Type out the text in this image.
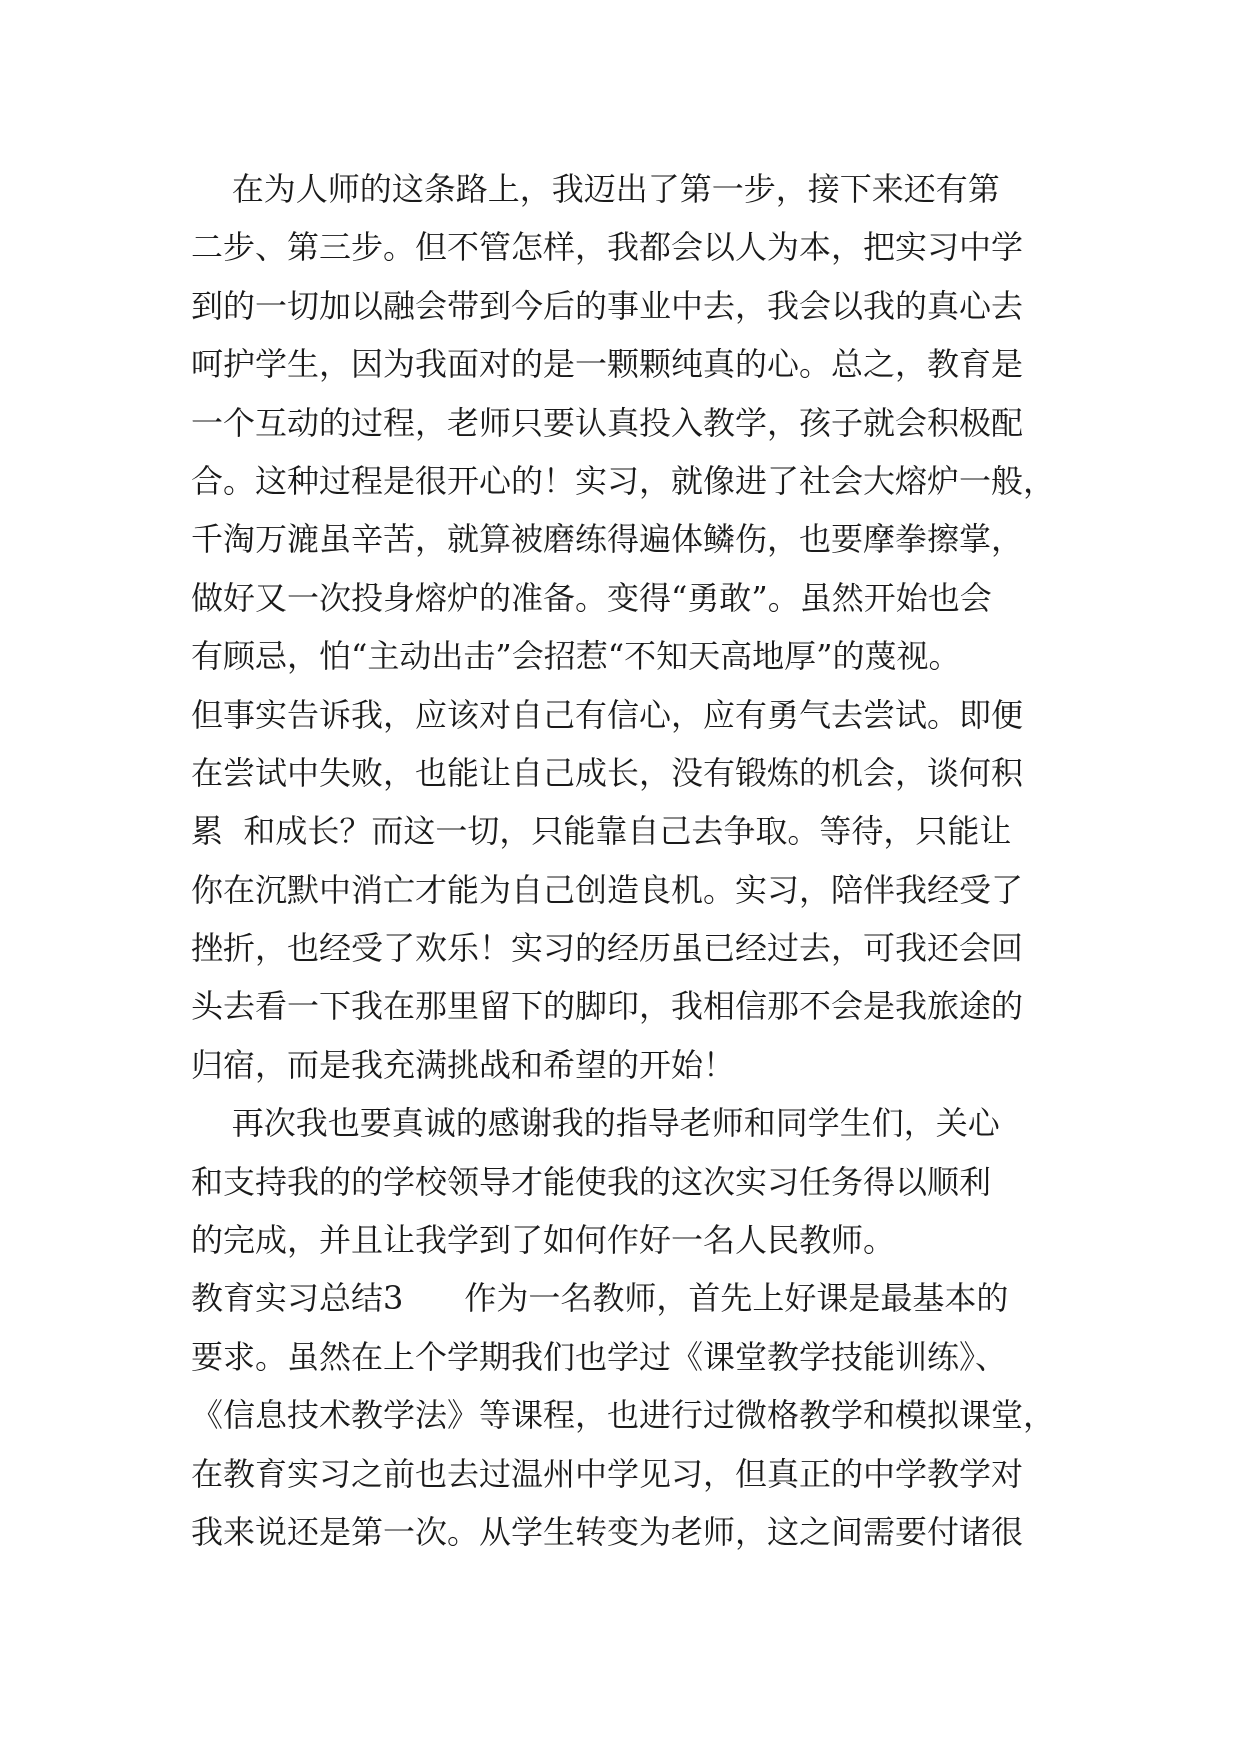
在为人师的这条路上，我迈出了第一步，接下来还有第
二步、第三步。但不管怎样，我都会以人为本，把实习中学
到的一切加以融会带到今后的事业中去，我会以我的真心去
呵护学生，因为我面对的是一颗颗纯真的心。总之，教育是
一个互动的过程，老师只要认真投入教学，孩子就会积极配
合。这种过程是很开心的！实习，就像进了社会大熔炉一般，
千淘万漉虽辛苦，就算被磨练得遍体鳞伤，也要摩拳擦掌，
做好又一次投身熔炉的准备。变得“勇敢”。虽然开始也会
有顾忌，怕“主动出击”会招惹“不知天高地厚”的蔑视。
但事实告诉我，应该对自己有信心，应有勇气去尝试。即便
在尝试中失败，也能让自己成长，没有锻炼的机会，谈何积
累  和成长？而这一切，只能靠自己去争取。等待，只能让
你在沉默中消亡才能为自己创造良机。实习，陪伴我经受了
挫折，也经受了欢乐！实习的经历虽已经过去，可我还会回
头去看一下我在那里留下的脚印，我相信那不会是我旅途的
归宿，而是我充满挑战和希望的开始！
再次我也要真诚的感谢我的指导老师和同学生们，关心
和支持我的的学校领导才能使我的这次实习任务得以顺利
的完成，并且让我学到了如何作好一名人民教师。
教育实习总结3      作为一名教师，首先上好课是最基本的
要求。虽然在上个学期我们也学过《课堂教学技能训练》、
《信息技术教学法》等课程，也进行过微格教学和模拟课堂，
在教育实习之前也去过温州中学见习，但真正的中学教学对
我来说还是第一次。从学生转变为老师，这之间需要付诸很
